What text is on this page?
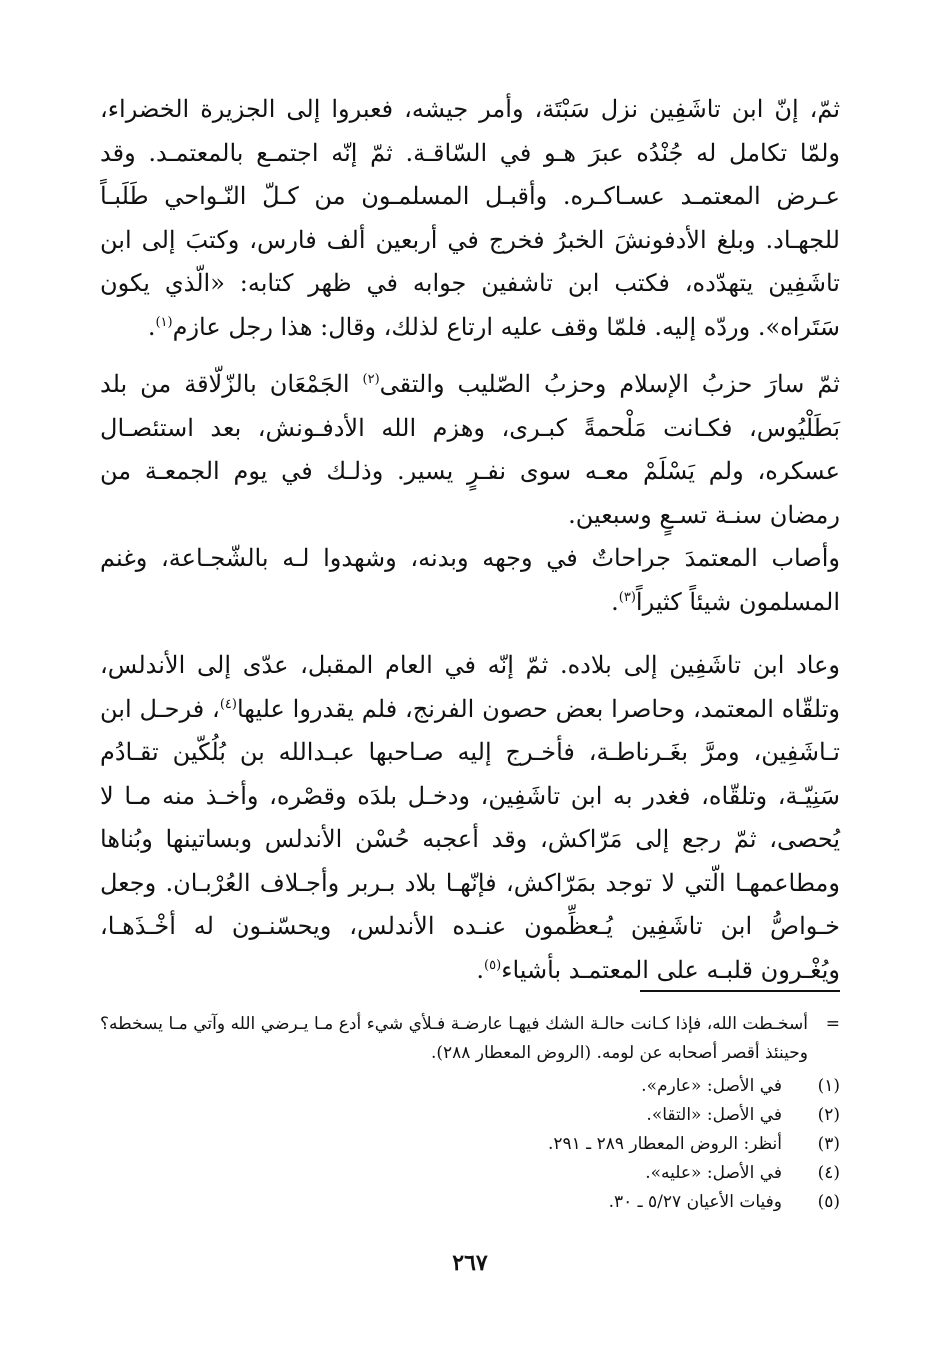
ثمّ، إنّ ابن تاشَفِين نزل سَبْتَة، وأمر جيشه، فعبروا إلى الجزيرة الخضراء، ولمّا تكامل له جُنْدُه عبرَ هـو في السّاقـة. ثمّ إنّه اجتمـع بالمعتمـد. وقد عـرض المعتمـد عسـاكـره. وأقبـل المسلمـون من كـلّ النّـواحي طَلَبـاً للجهـاد. وبلغ الأدفونشَ الخبرُ فخرج في أربعين ألف فارس، وكتبَ إلى ابن تاشَفِين يتهدّده، فكتب ابن تاشفين جوابه في ظهر كتابه: «الّذي يكون سَتَراه». وردّه إليه. فلمّا وقف عليه ارتاع لذلك، وقال: هذا رجل عازم$^{(١)}$.

ثمّ سارَ حزبُ الإسلام وحزبُ الصّليب والتقى$^{(٢)}$ الجَمْعَان بالزّلّاقة من بلد بَطَلْيُوس، فكـانت مَلْحمةً كبـرى، وهزم الله الأدفـونش، بعد استئصـال عسكره، ولم يَسْلَمْ معـه سوى نفـرٍ يسير. وذلـك في يوم الجمعـة من رمضان سنـة تسـعٍ وسبعين.

وأصاب المعتمدَ جراحاتٌ في وجهه وبدنه، وشهدوا لـه بالشّجـاعة، وغنم المسلمون شيئاً كثيراً$^{(٣)}$.

وعاد ابن تاشَفِين إلى بلاده. ثمّ إنّه في العام المقبل، عدّى إلى الأندلس، وتلقّاه المعتمد، وحاصرا بعض حصون الفرنج، فلم يقدروا عليها$^{(٤)}$، فرحـل ابن تـاشَفِين، ومرَّ بغَـرناطـة، فأخـرج إليه صـاحبها عبـدالله بن بُلُكّين تقـادُم سَنِيّـة، وتلقّاه، فغدر به ابن تاشَفِين، ودخـل بلدَه وقصْره، وأخـذ منه مـا لا يُحصى، ثمّ رجع إلى مَرّاكش، وقد أعجبه حُسْن الأندلس وبساتينها وبُناها ومطاعمهـا الّتي لا توجد بمَرّاكش، فإنّهـا بلاد بـربر وأجـلاف العُرْبـان. وجعل خـواصُّ ابن تاشَفِين يُـعظِّمون عنـده الأندلس، ويحسّنـون له أخْـذَهـا، ويُغْـرون قلبـه على المعتمـد بأشياء$^{(٥)}$.

=
أسخـطت الله، فإذا كـانت حالـة الشك فيهـا عارضـة فـلأي شيء أدع مـا يـرضي الله وآتي مـا يسخطه؟ وحينئذ أقصر أصحابه عن لومه. (الروض المعطار ٢٨٨).
(١)
في الأصل: «عارم».
(٢)
في الأصل: «التقا».
(٣)
أنظر: الروض المعطار ٢٨٩ ـ ٢٩١.
(٤)
في الأصل: «عليه».
(٥)
وفيات الأعيان ٥/٢٧ ـ ٣٠.
٢٦٧
